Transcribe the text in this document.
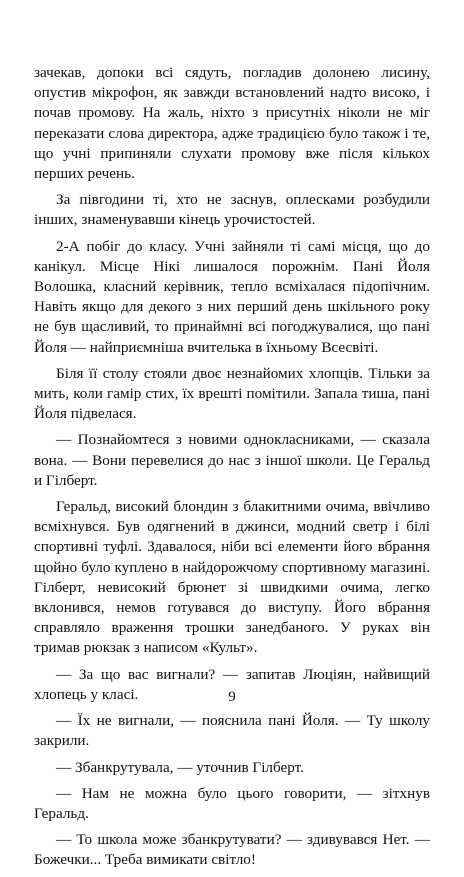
зачекав, допоки всі сядуть, погладив долонею лисину, опустив мікрофон, як завжди встановлений надто високо, і почав промову. На жаль, ніхто з присутніх ніколи не міг переказати слова директора, адже традицією було також і те, що учні припиняли слухати промову вже після кількох перших речень.

За півгодини ті, хто не заснув, оплесками розбудили інших, знаменувавши кінець урочистостей.

2-А побіг до класу. Учні зайняли ті самі місця, що до канікул. Місце Нікі лишалося порожнім. Пані Йоля Волошка, класний керівник, тепло всміхалася підопічним. Навіть якщо для декого з них перший день шкільного року не був щасливий, то принаймні всі погоджувалися, що пані Йоля — найприємніша вчителька в їхньому Всесвіті.

Біля її столу стояли двоє незнайомих хлопців. Тільки за мить, коли гамір стих, їх врешті помітили. Запала тиша, пані Йоля підвелася.

— Познайомтеся з новими однокласниками, — сказала вона. — Вони перевелися до нас з іншої школи. Це Геральд и Гілберт.

Геральд, високий блондин з блакитними очима, ввічливо всміхнувся. Був одягнений в джинси, модний светр і білі спортивні туфлі. Здавалося, ніби всі елементи його вбрання щойно було куплено в найдорожчому спортивному магазині. Гілберт, невисокий брюнет зі швидкими очима, легко вклонився, немов готувався до виступу. Його вбрання справляло враження трошки занедбаного. У руках він тримав рюкзак з написом «Культ».

— За що вас вигнали? — запитав Люціян, найвищий хлопець у класі.

— Їх не вигнали, — пояснила пані Йоля. — Ту школу закрили.

— Збанкрутувала, — уточнив Гілберт.

— Нам не можна було цього говорити, — зітхнув Геральд.

— То школа може збанкрутувати? — здивувався Нет. — Божечки... Треба вимикати світло!

9
